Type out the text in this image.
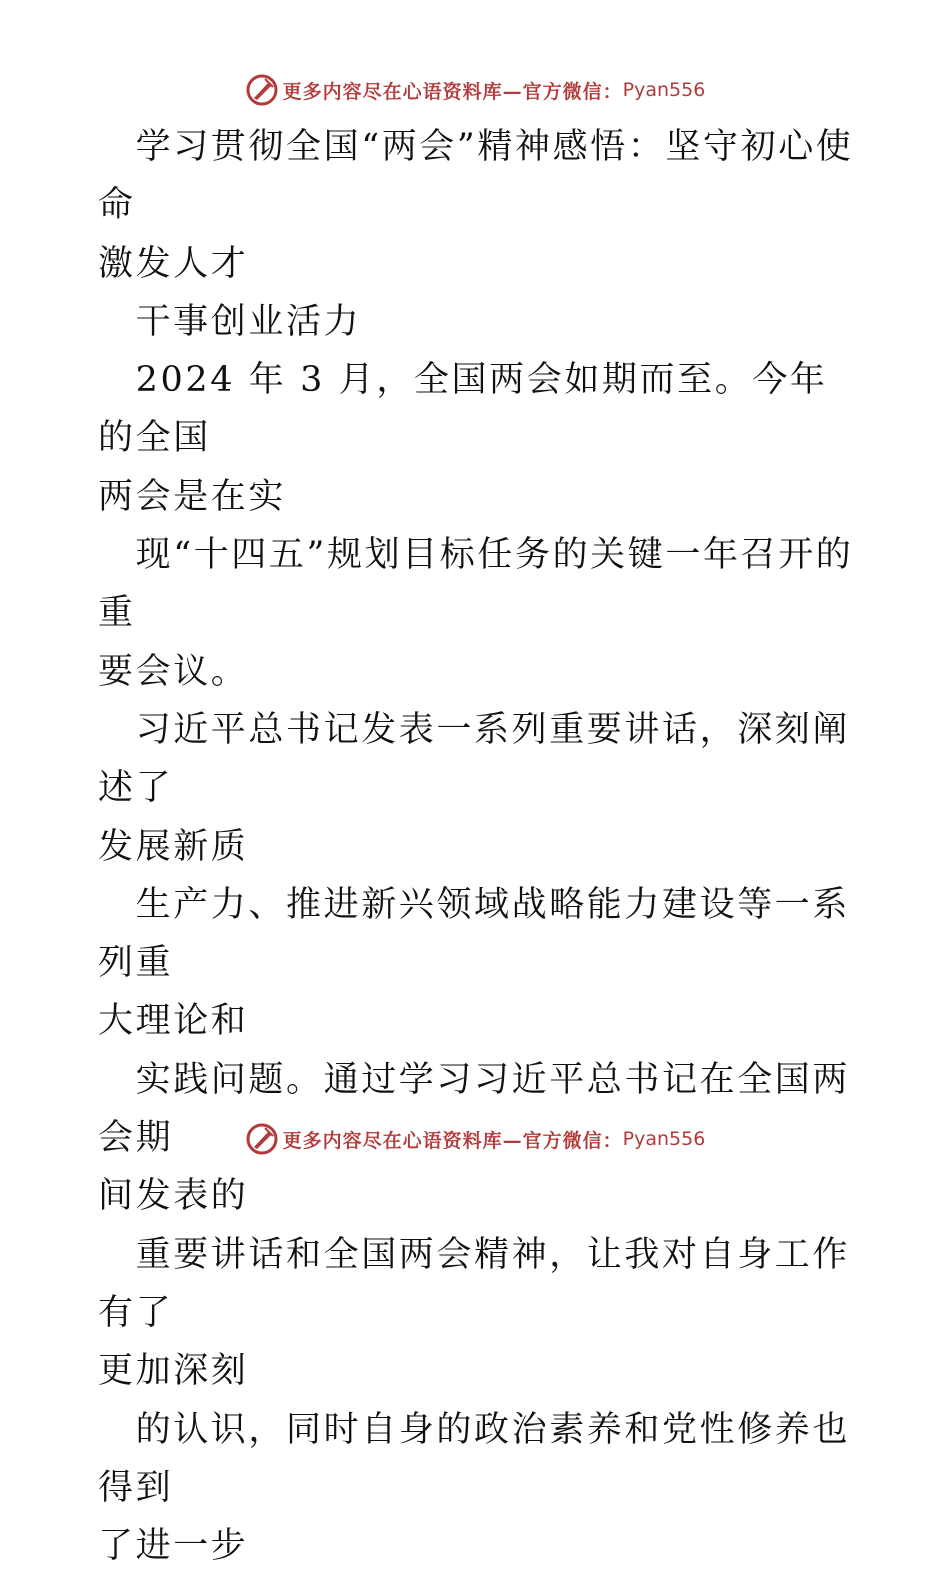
更多内容尽在心语资料库—官方微信： Pyan556

　学习贯彻全国“两会”精神感悟：坚守初心使命

激发人才

　干事创业活力

　2024 年 3 月，全国两会如期而至。今年的全国

两会是在实

　现“十四五”规划目标任务的关键一年召开的重

要会议。

　习近平总书记发表一系列重要讲话，深刻阐述了

发展新质

　生产力、推进新兴领域战略能力建设等一系列重

大理论和

　实践问题。通过学习习近平总书记在全国两会期

间发表的

　重要讲话和全国两会精神，让我对自身工作有了

更加深刻

　的认识，同时自身的政治素养和党性修养也得到

了进一步

更多内容尽在心语资料库—官方微信： Pyan556
